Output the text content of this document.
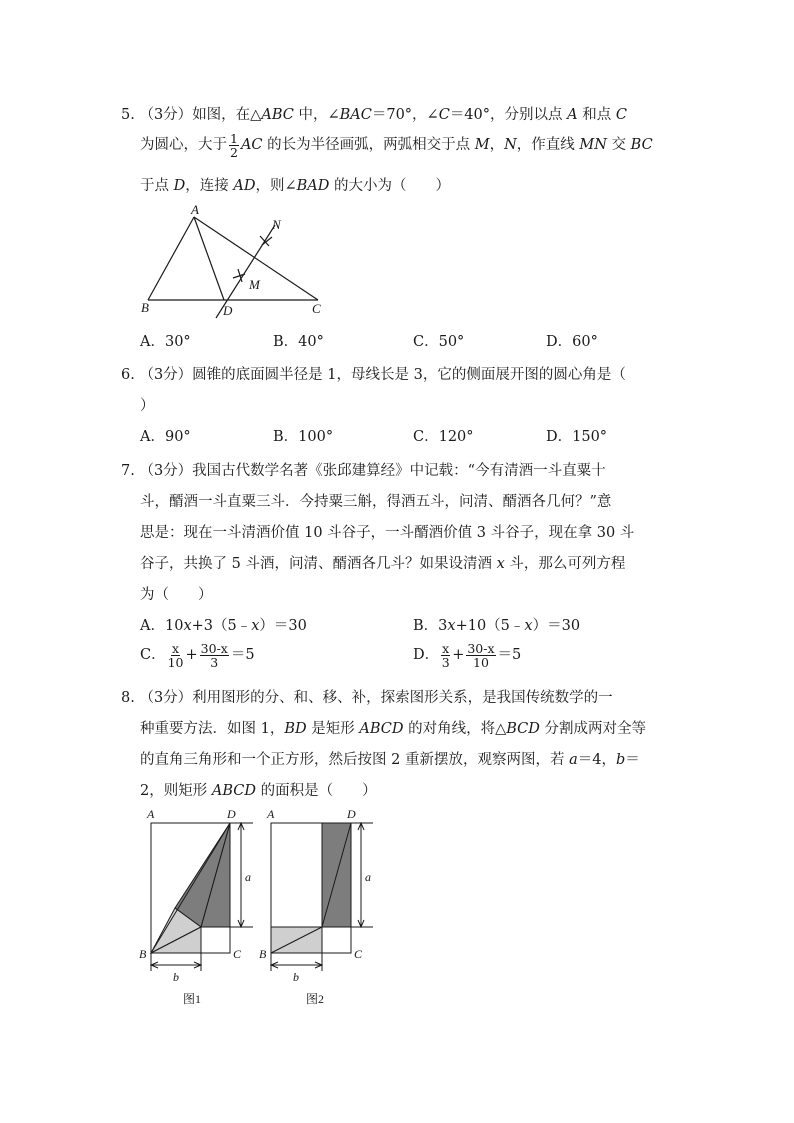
5. （3分）如图，在△ABC 中，∠BAC＝70°，∠C＝40°，分别以点 A 和点 C
为圆心，大于 $\frac{1}{2}$ AC 的长为半径画弧，两弧相交于点 M，N，作直线 MN 交 BC
于点 D，连接 AD，则∠BAD 的大小为（　　）
A
B	C
D
M
N
A．30°	B．40°	C．50°	D．60°
6. （3分）圆锥的底面圆半径是 1，母线长是 3，它的侧面展开图的圆心角是（
）
A．90°	B．100°	C．120°	D．150°
7. （3分）我国古代数学名著《张邱建算经》中记载：“今有清酒一斗直粟十
斗，醑酒一斗直粟三斗．今持粟三斛，得酒五斗，问清、醑酒各几何？”意
思是：现在一斗清酒价值 10 斗谷子，一斗醑酒价值 3 斗谷子，现在拿 30 斗
谷子，共换了 5 斗酒，问清、醑酒各几斗？如果设清酒 x 斗，那么可列方程
为（　　）
A．10x+3（5﹣x）＝30	B．3x+10（5﹣x）＝30
C． $\frac{x}{10} + \frac{30-x}{3} =5$	D． $\frac{x}{3} + \frac{30-x}{10} =5$
8. （3分）利用图形的分、和、移、补，探索图形关系，是我国传统数学的一
种重要方法．如图 1，BD 是矩形 ABCD 的对角线，将△BCD 分割成两对全等
的直角三角形和一个正方形，然后按图 2 重新摆放，观察两图，若 a＝4，b＝
2，则矩形 ABCD 的面积是（　　）
A	D
B	C
a
b
图1
A	D
B	C
a
b
图2
